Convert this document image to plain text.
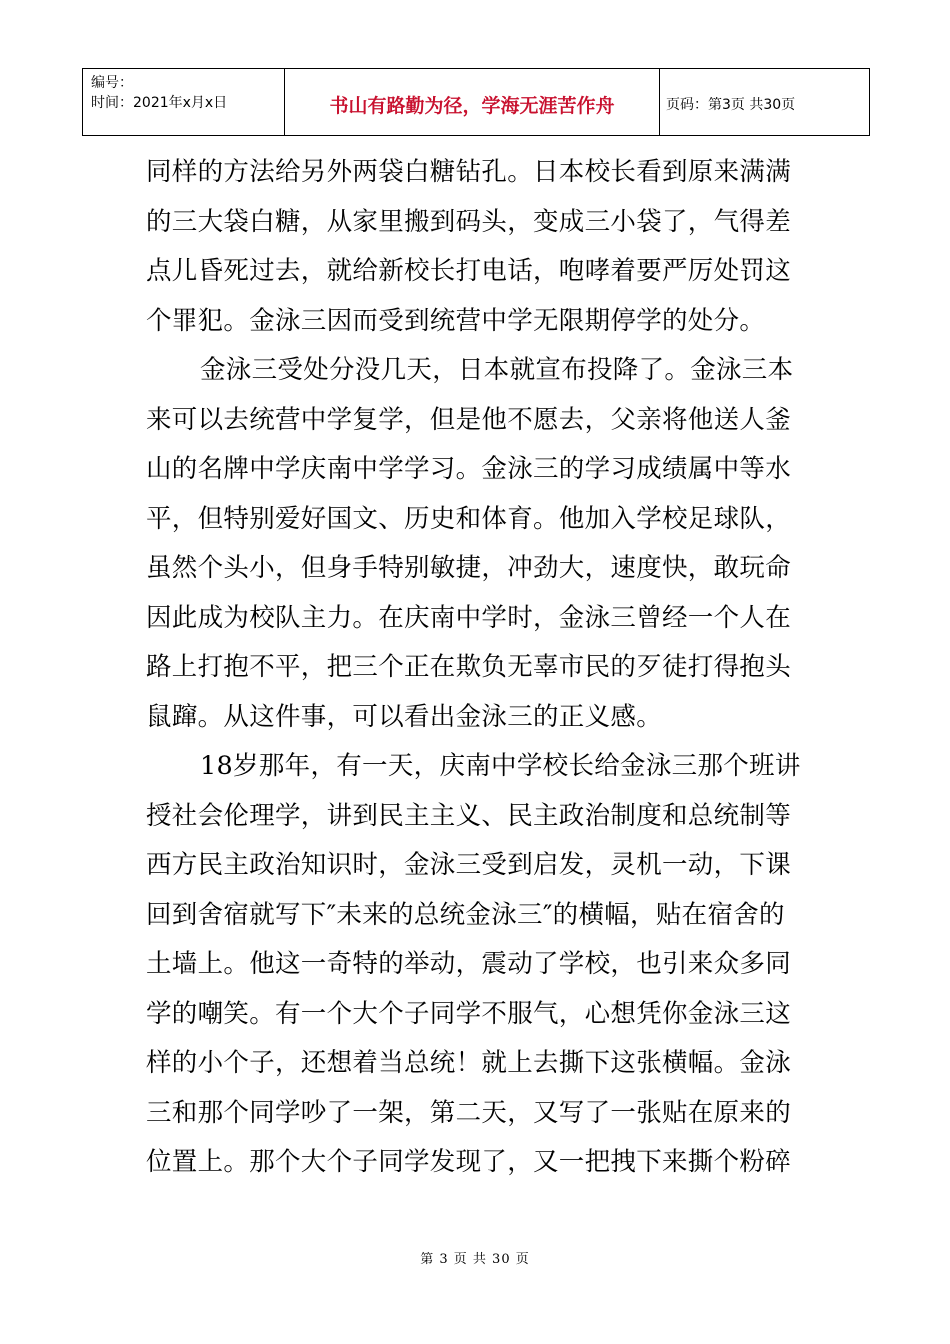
编号：
时间：2021年x月x日	书山有路勤为径，学海无涯苦作舟	页码：第3页 共30页
同样的方法给另外两袋白糖钻孔。日本校长看到原来满满
的三大袋白糖，从家里搬到码头，变成三小袋了，气得差
点儿昏死过去，就给新校长打电话，咆哮着要严厉处罚这
个罪犯。金泳三因而受到统营中学无限期停学的处分。
金泳三受处分没几天，日本就宣布投降了。金泳三本
来可以去统营中学复学，但是他不愿去，父亲将他送人釜
山的名牌中学庆南中学学习。金泳三的学习成绩属中等水
平，但特别爱好国文、历史和体育。他加入学校足球队，
虽然个头小，但身手特别敏捷，冲劲大，速度快，敢玩命
因此成为校队主力。在庆南中学时，金泳三曾经一个人在
路上打抱不平，把三个正在欺负无辜市民的歹徒打得抱头
鼠蹿。从这件事，可以看出金泳三的正义感。
18岁那年，有一天，庆南中学校长给金泳三那个班讲
授社会伦理学，讲到民主主义、民主政治制度和总统制等
西方民主政治知识时，金泳三受到启发，灵机一动，下课
回到舍宿就写下″未来的总统金泳三″的横幅，贴在宿舍的
土墙上。他这一奇特的举动，震动了学校，也引来众多同
学的嘲笑。有一个大个子同学不服气，心想凭你金泳三这
样的小个子，还想着当总统！就上去撕下这张横幅。金泳
三和那个同学吵了一架，第二天，又写了一张贴在原来的
位置上。那个大个子同学发现了，又一把拽下来撕个粉碎
第 3 页 共 30 页
